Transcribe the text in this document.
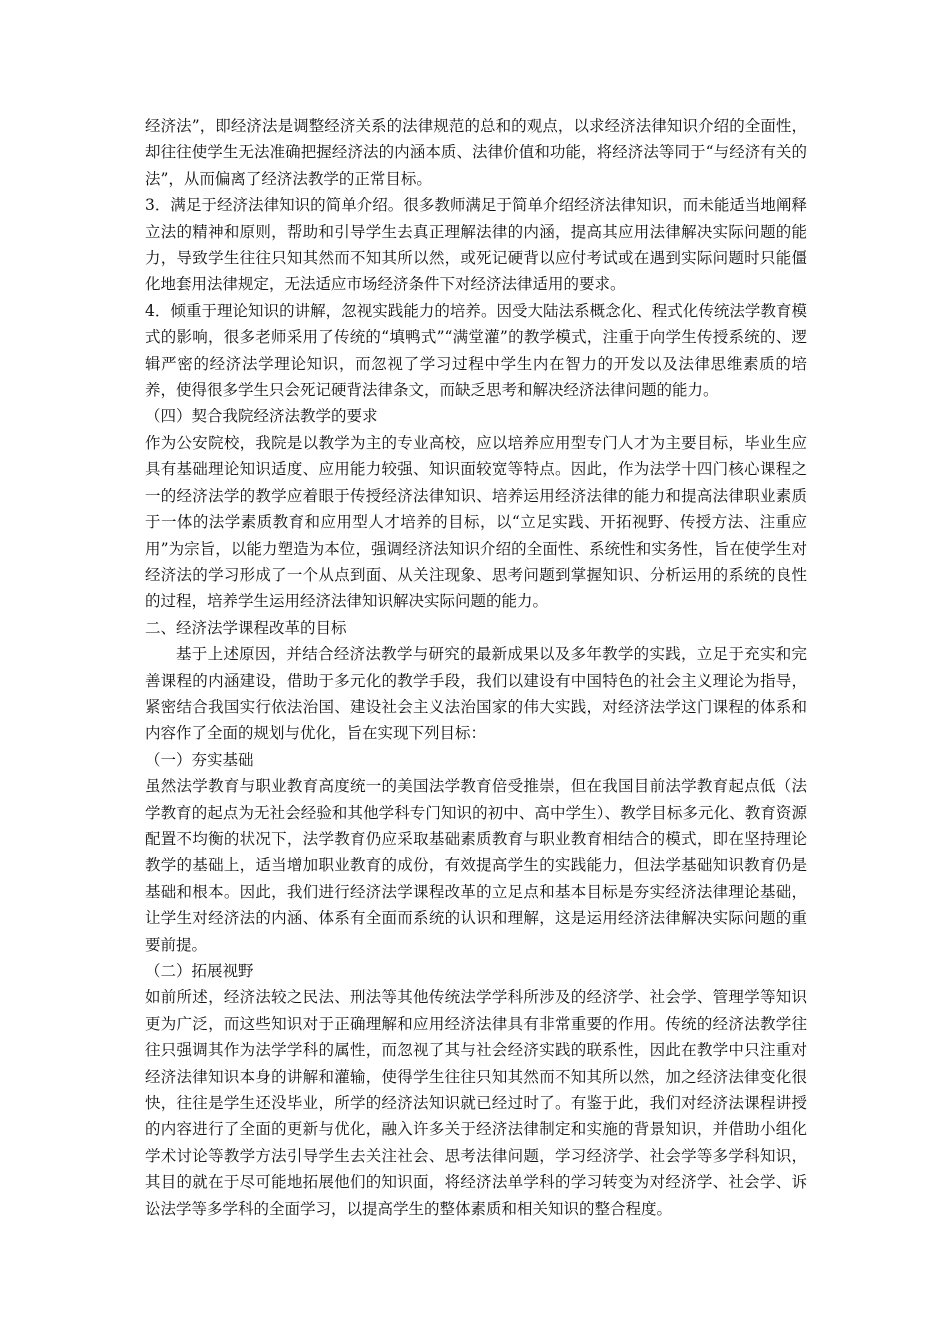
经济法”，即经济法是调整经济关系的法律规范的总和的观点，以求经济法律知识介绍的全面性，却往往使学生无法准确把握经济法的内涵本质、法律价值和功能，将经济法等同于“与经济有关的法”，从而偏离了经济法教学的正常目标。

3．满足于经济法律知识的简单介绍。很多教师满足于简单介绍经济法律知识，而未能适当地阐释立法的精神和原则，帮助和引导学生去真正理解法律的内涵，提高其应用法律解决实际问题的能力，导致学生往往只知其然而不知其所以然，或死记硬背以应付考试或在遇到实际问题时只能僵化地套用法律规定，无法适应市场经济条件下对经济法律适用的要求。

4．倾重于理论知识的讲解，忽视实践能力的培养。因受大陆法系概念化、程式化传统法学教育模式的影响，很多老师采用了传统的“填鸭式”“满堂灌”的教学模式，注重于向学生传授系统的、逻辑严密的经济法学理论知识，而忽视了学习过程中学生内在智力的开发以及法律思维素质的培养，使得很多学生只会死记硬背法律条文，而缺乏思考和解决经济法律问题的能力。

（四）契合我院经济法教学的要求

作为公安院校，我院是以教学为主的专业高校，应以培养应用型专门人才为主要目标，毕业生应具有基础理论知识适度、应用能力较强、知识面较宽等特点。因此，作为法学十四门核心课程之一的经济法学的教学应着眼于传授经济法律知识、培养运用经济法律的能力和提高法律职业素质于一体的法学素质教育和应用型人才培养的目标，以“立足实践、开拓视野、传授方法、注重应用”为宗旨，以能力塑造为本位，强调经济法知识介绍的全面性、系统性和实务性，旨在使学生对经济法的学习形成了一个从点到面、从关注现象、思考问题到掌握知识、分析运用的系统的良性的过程，培养学生运用经济法律知识解决实际问题的能力。

二、经济法学课程改革的目标

基于上述原因，并结合经济法教学与研究的最新成果以及多年教学的实践，立足于充实和完善课程的内涵建设，借助于多元化的教学手段，我们以建设有中国特色的社会主义理论为指导，紧密结合我国实行依法治国、建设社会主义法治国家的伟大实践，对经济法学这门课程的体系和内容作了全面的规划与优化，旨在实现下列目标：

（一）夯实基础

虽然法学教育与职业教育高度统一的美国法学教育倍受推崇，但在我国目前法学教育起点低（法学教育的起点为无社会经验和其他学科专门知识的初中、高中学生）、教学目标多元化、教育资源配置不均衡的状况下，法学教育仍应采取基础素质教育与职业教育相结合的模式，即在坚持理论教学的基础上，适当增加职业教育的成份，有效提高学生的实践能力，但法学基础知识教育仍是基础和根本。因此，我们进行经济法学课程改革的立足点和基本目标是夯实经济法律理论基础，让学生对经济法的内涵、体系有全面而系统的认识和理解，这是运用经济法律解决实际问题的重要前提。

（二）拓展视野

如前所述，经济法较之民法、刑法等其他传统法学学科所涉及的经济学、社会学、管理学等知识更为广泛，而这些知识对于正确理解和应用经济法律具有非常重要的作用。传统的经济法教学往往只强调其作为法学学科的属性，而忽视了其与社会经济实践的联系性，因此在教学中只注重对经济法律知识本身的讲解和灌输，使得学生往往只知其然而不知其所以然，加之经济法律变化很快，往往是学生还没毕业，所学的经济法知识就已经过时了。有鉴于此，我们对经济法课程讲授的内容进行了全面的更新与优化，融入许多关于经济法律制定和实施的背景知识，并借助小组化学术讨论等教学方法引导学生去关注社会、思考法律问题，学习经济学、社会学等多学科知识，其目的就在于尽可能地拓展他们的知识面，将经济法单学科的学习转变为对经济学、社会学、诉讼法学等多学科的全面学习，以提高学生的整体素质和相关知识的整合程度。
